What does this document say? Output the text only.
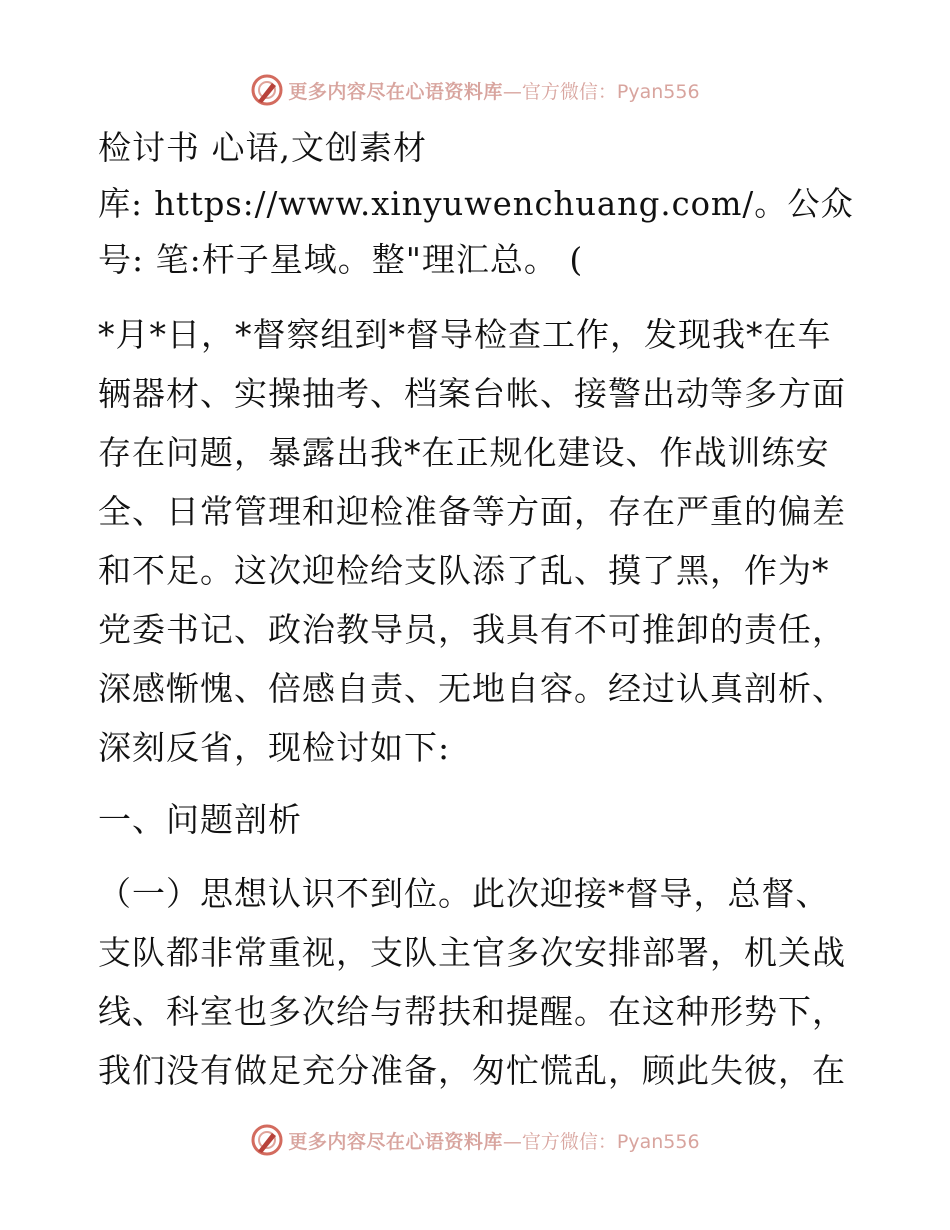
更多内容尽在心语资料库 —官方微信：Pyan556
检讨书 心语,文创素材
库: https://www.xinyuwenchuang.com/。公众
号: 笔:杆子星域。整"理汇总。 (
*月*日，*督察组到*督导检查工作，发现我*在车
辆器材、实操抽考、档案台帐、接警出动等多方面
存在问题，暴露出我*在正规化建设、作战训练安
全、日常管理和迎检准备等方面，存在严重的偏差
和不足。这次迎检给支队添了乱、摸了黑，作为*
党委书记、政治教导员，我具有不可推卸的责任，
深感惭愧、倍感自责、无地自容。经过认真剖析、
深刻反省，现检讨如下:
一、问题剖析
（一）思想认识不到位。此次迎接*督导，总督、
支队都非常重视，支队主官多次安排部署，机关战
线、科室也多次给与帮扶和提醒。在这种形势下，
我们没有做足充分准备，匆忙慌乱，顾此失彼，在
更多内容尽在心语资料库 —官方微信：Pyan556
